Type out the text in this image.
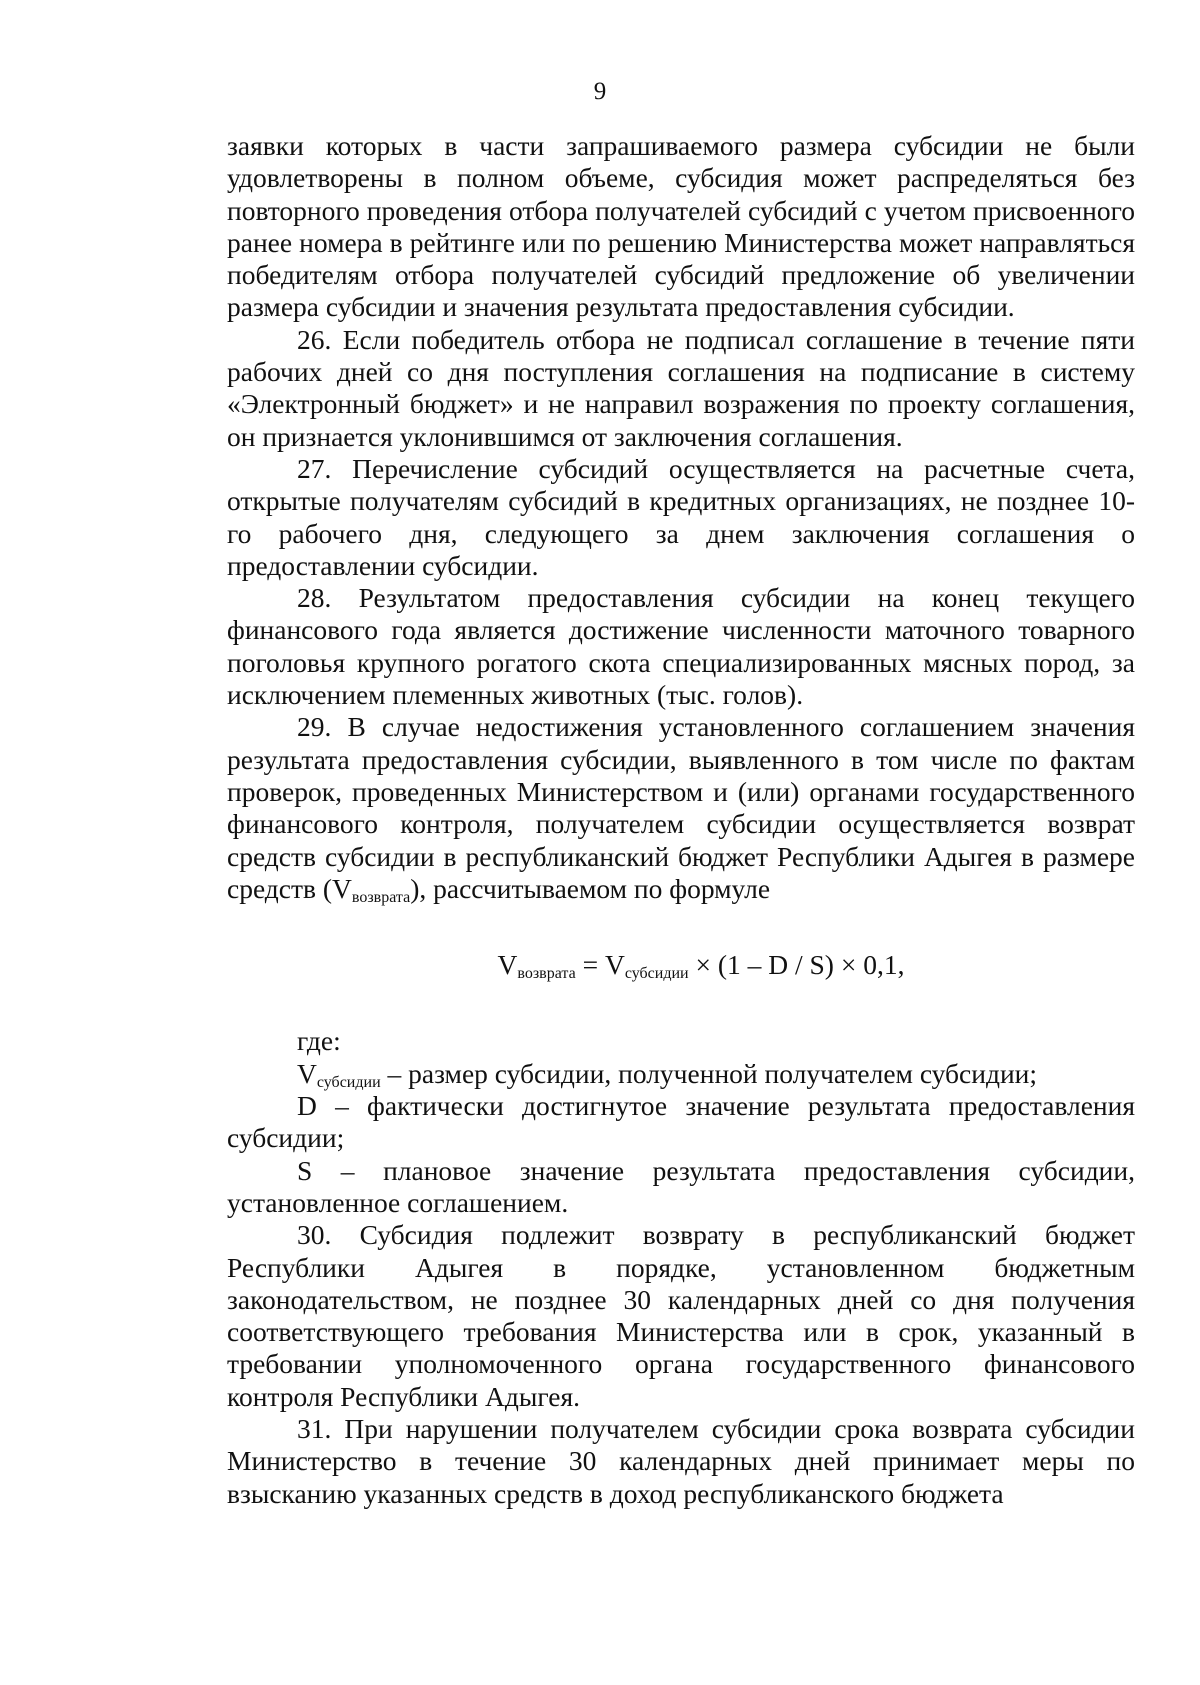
9

заявки которых в части запрашиваемого размера субсидии не были удовлетворены в полном объеме, субсидия может распределяться без повторного проведения отбора получателей субсидий с учетом присвоенного ранее номера в рейтинге или по решению Министерства может направляться победителям отбора получателей субсидий предложение об увеличении размера субсидии и значения результата предоставления субсидии.

26. Если победитель отбора не подписал соглашение в течение пяти рабочих дней со дня поступления соглашения на подписание в систему «Электронный бюджет» и не направил возражения по проекту соглашения, он признается уклонившимся от заключения соглашения.

27. Перечисление субсидий осуществляется на расчетные счета, открытые получателям субсидий в кредитных организациях, не позднее 10-го рабочего дня, следующего за днем заключения соглашения о предоставлении субсидии.

28. Результатом предоставления субсидии на конец текущего финансового года является достижение численности маточного товарного поголовья крупного рогатого скота специализированных мясных пород, за исключением племенных животных (тыс. голов).

29. В случае недостижения установленного соглашением значения результата предоставления субсидии, выявленного в том числе по фактам проверок, проведенных Министерством и (или) органами государственного финансового контроля, получателем субсидии осуществляется возврат средств субсидии в республиканский бюджет Республики Адыгея в размере средств $(V_{возврата})$, рассчитываемом по формуле

$V_{возврата} = V_{субсидии} \times (1 - D / S) \times 0,1$,

где:

$V_{субсидии}$ – размер субсидии, полученной получателем субсидии;

D – фактически достигнутое значение результата предоставления субсидии;

S – плановое значение результата предоставления субсидии, установленное соглашением.

30. Субсидия подлежит возврату в республиканский бюджет Республики Адыгея в порядке, установленном бюджетным законодательством, не позднее 30 календарных дней со дня получения соответствующего требования Министерства или в срок, указанный в требовании уполномоченного органа государственного финансового контроля Республики Адыгея.

31. При нарушении получателем субсидии срока возврата субсидии Министерство в течение 30 календарных дней принимает меры по взысканию указанных средств в доход республиканского бюджета
